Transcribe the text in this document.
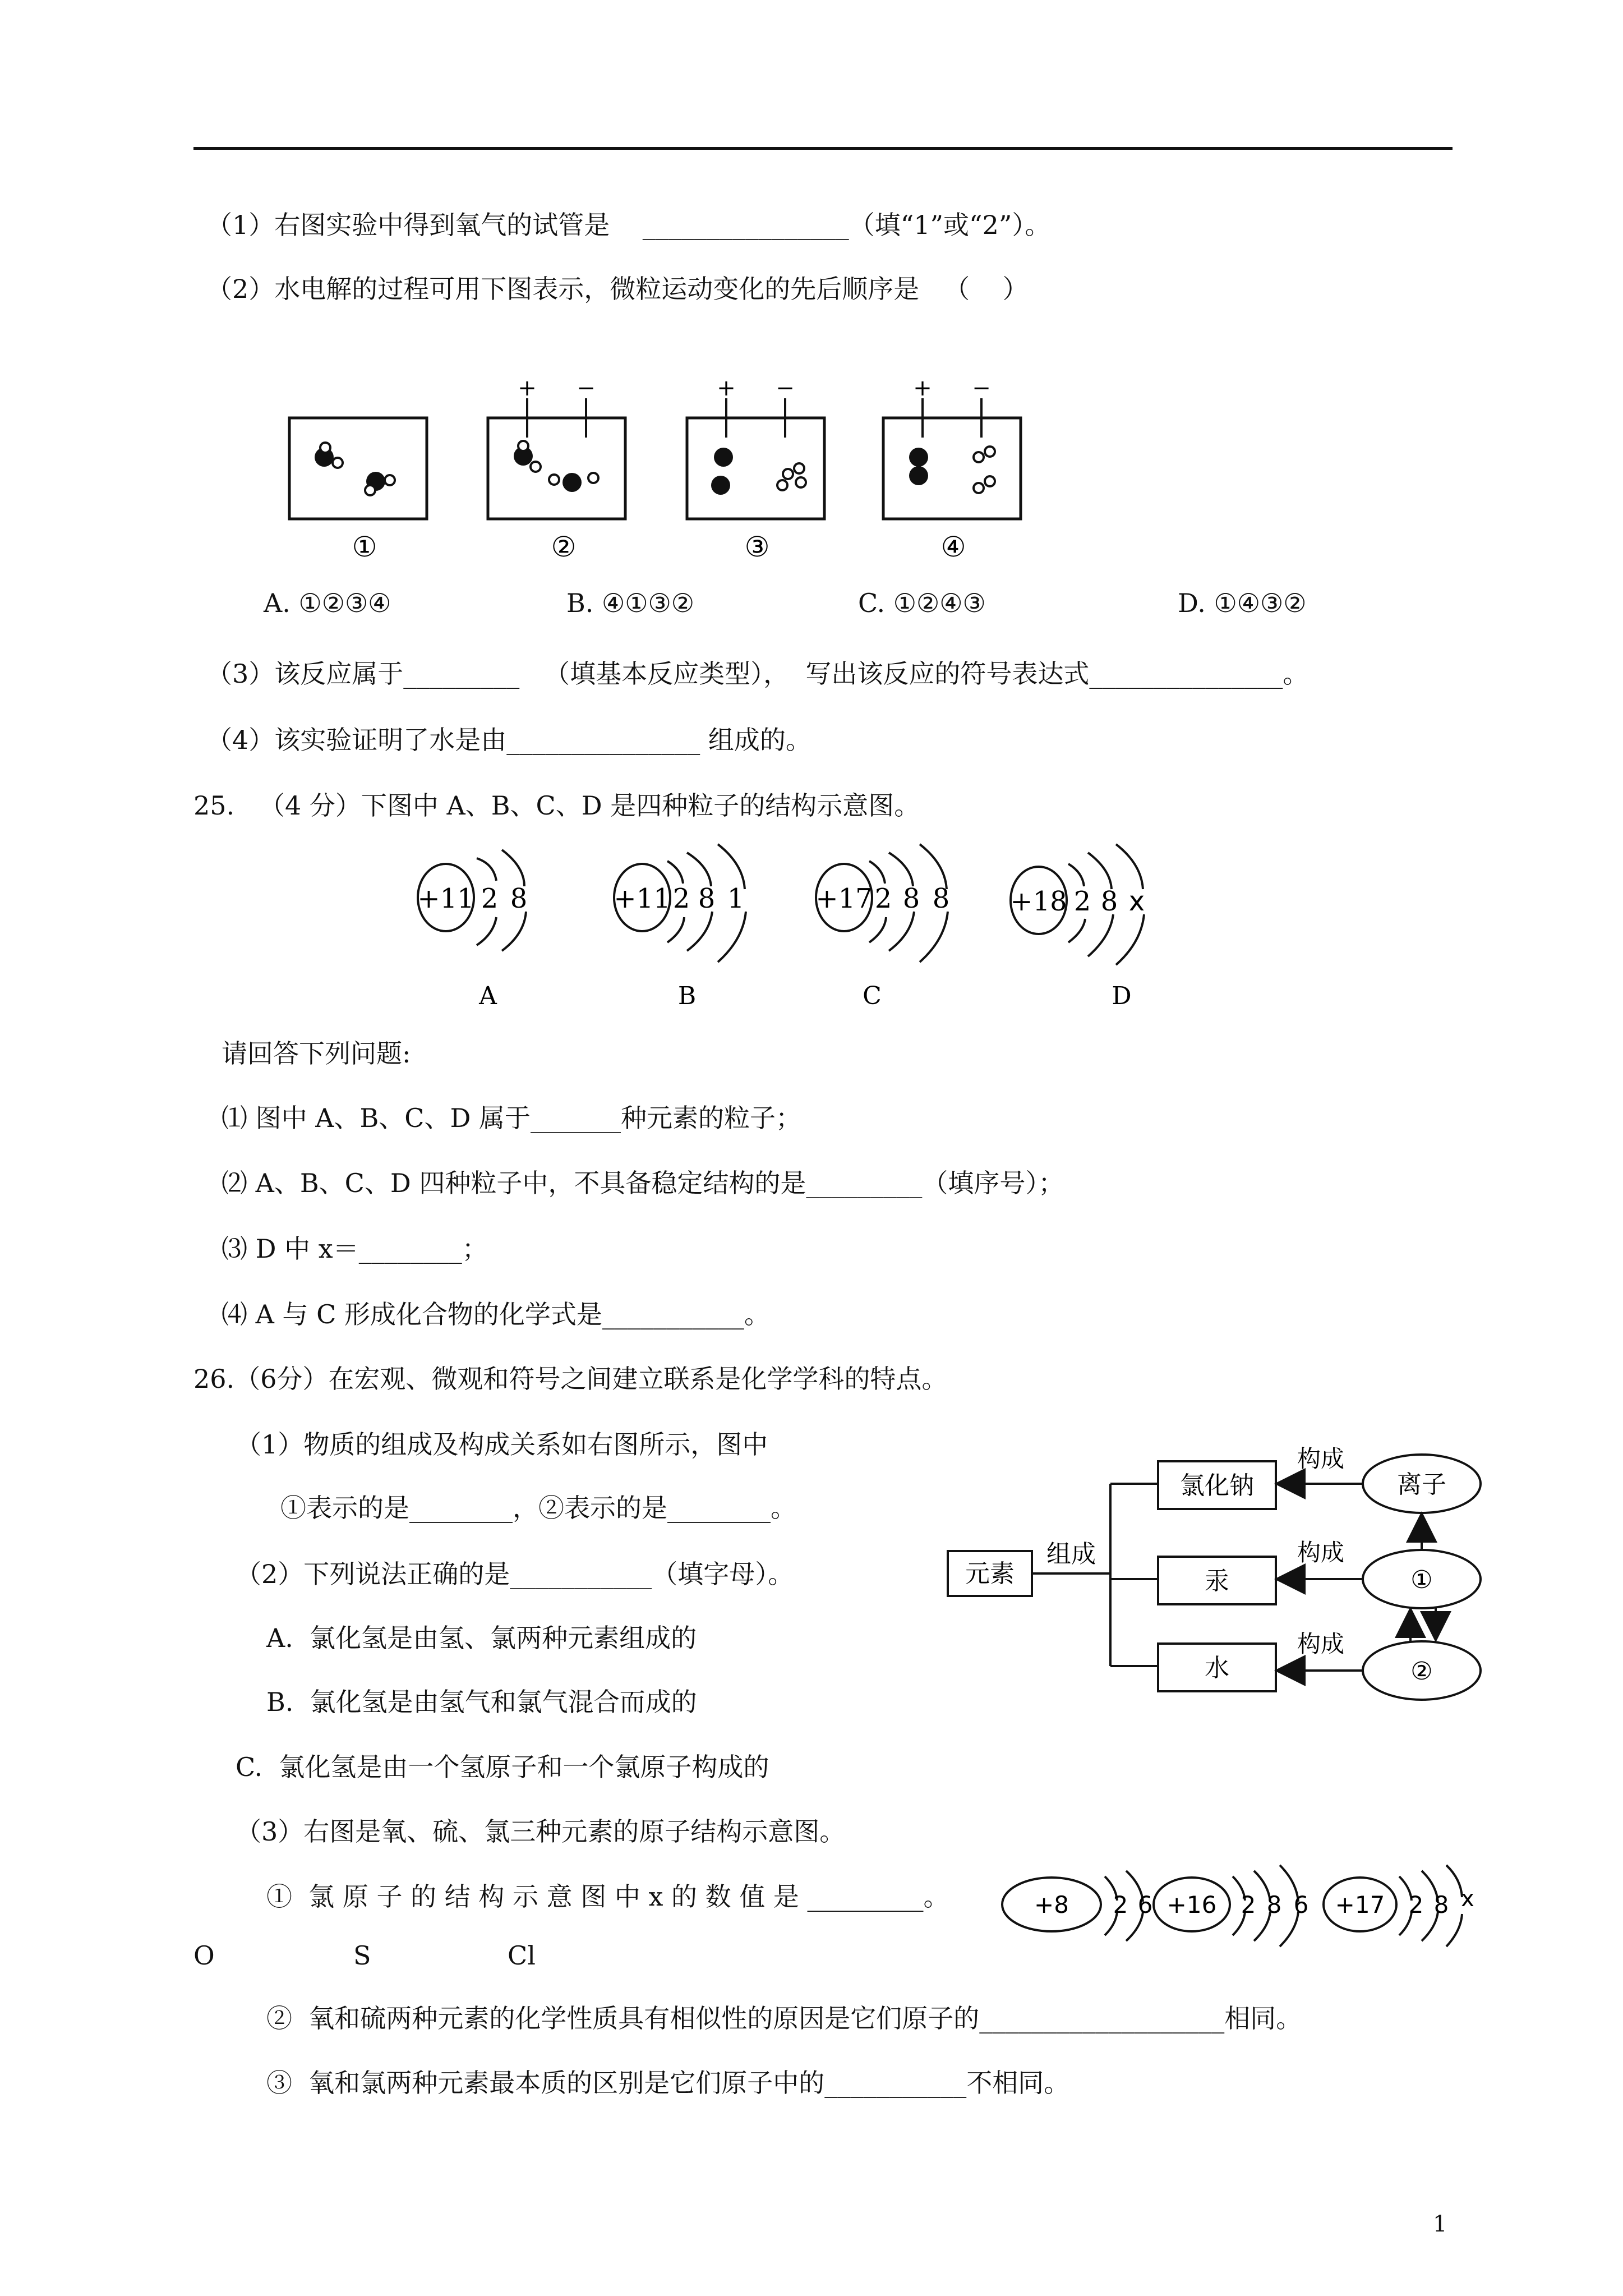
（1）右图实验中得到氧气的试管是    ________________（填“1”或“2”）。
（2）水电解的过程可用下图表示，微粒运动变化的先后顺序是   （    ）
①
+ −
②
+ −
③
+ −
④
A. ①②③④	B. ④①③②	C. ①②④③	D. ①④③②
（3）该反应属于_________   （填基本反应类型），  写出该反应的符号表达式_______________。
（4）该实验证明了水是由_______________ 组成的。
25.   （4 分）下图中 A、B、C、D 是四种粒子的结构示意图。
+11 2 8
A
+11 2 8 1
B
+17 2 8 8
C
+18 2 8 x
D
请回答下列问题:
⑴ 图中 A、B、C、D 属于_______种元素的粒子；
⑵ A、B、C、D 四种粒子中，不具备稳定结构的是_________（填序号）；
⑶ D 中 x＝________；
⑷ A 与 C 形成化合物的化学式是___________。
26.（6分）在宏观、微观和符号之间建立联系是化学学科的特点。
（1）物质的组成及构成关系如右图所示，图中
①表示的是________，②表示的是________。
（2）下列说法正确的是___________（填字母）。
A.  氯化氢是由氢、氯两种元素组成的
B.  氯化氢是由氢气和氯气混合而成的
C.  氯化氢是由一个氢原子和一个氯原子构成的
（3）右图是氧、硫、氯三种元素的原子结构示意图。
①  氯 原 子 的 结 构 示 意 图 中 x 的 数 值 是 _________。
O	S	Cl
②  氧和硫两种元素的化学性质具有相似性的原因是它们原子的___________________相同。
③  氧和氯两种元素最本质的区别是它们原子中的___________不相同。
元素
组成
氯化钠
汞
水
离子
①
②
构成
构成
构成
+8 2 6 +16 2 8 6 +17 2 8 x
1
